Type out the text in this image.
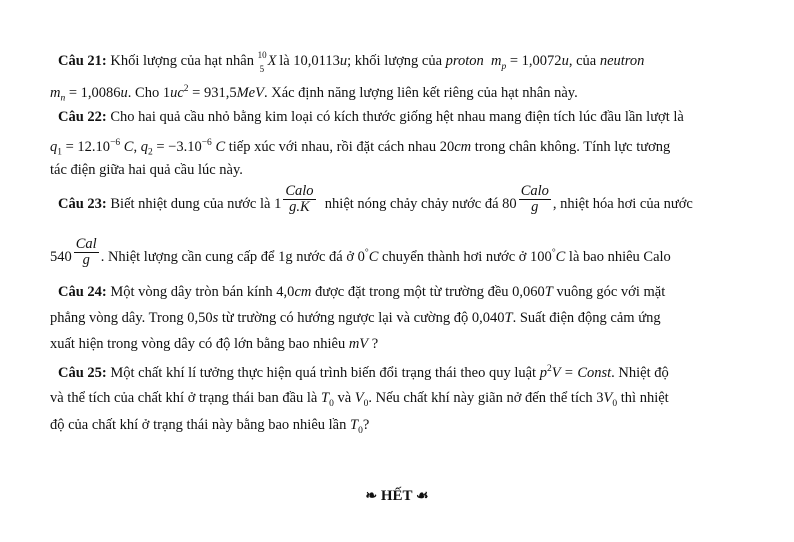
Câu 21: Khối lượng của hạt nhân 10
5 X là 10,0113u; khối lượng của proton $m_p = 1,0072u$, của neutron
$m_n = 1,0086u$. Cho $1uc^2 = 931,5MeV$. Xác định năng lượng liên kết riêng của hạt nhân này.
Câu 22: Cho hai quả cầu nhỏ bằng kim loại có kích thước giống hệt nhau mang điện tích lúc đầu lần lượt là
$q_1 = 12.10^{-6}$ C, $q_2 = -3.10^{-6}$ C tiếp xúc với nhau, rồi đặt cách nhau 20cm trong chân không. Tính lực tương
tác điện giữa hai quả cầu lúc này.
Câu 23: Biết nhiệt dung của nước là $1 \frac{\text{Calo}}{g.K}$ nhiệt nóng chảy chảy nước đá $80 \frac{\text{Calo}}{g}$ , nhiệt hóa hơi của nước
$540 \frac{\text{Cal}}{g}$ . Nhiệt lượng cần cung cấp để 1g nước đá ở 0°C chuyển thành hơi nước ở 100°C là bao nhiêu Calo
Câu 24: Một vòng dây tròn bán kính 4,0cm được đặt trong một từ trường đều 0,060T vuông góc với mặt
phẳng vòng dây. Trong 0,50s từ trường có hướng ngược lại và cường độ 0,040T. Suất điện động cảm ứng
xuất hiện trong vòng dây có độ lớn bằng bao nhiêu mV ?
Câu 25: Một chất khí lí tưởng thực hiện quá trình biến đổi trạng thái theo quy luật $p^2V$ = Const. Nhiệt độ
và thể tích của chất khí ở trạng thái ban đầu là $T_0$ và $V_0$. Nếu chất khí này giãn nở đến thể tích $3V_0$ thì nhiệt
độ của chất khí ở trạng thái này bằng bao nhiêu lần $T_0$?
❧ HẾT ☙
